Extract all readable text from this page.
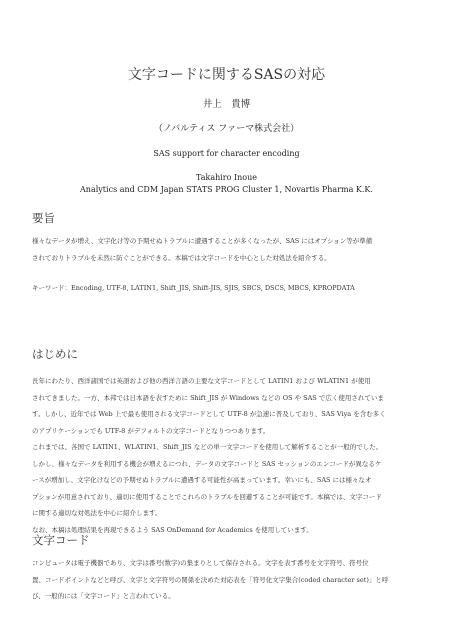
文字コードに関するSASの対応
井上　貴博
（ノバルティス ファーマ株式会社）
SAS support for character encoding
Takahiro Inoue
Analytics and CDM Japan STATS PROG Cluster 1, Novartis Pharma K.K.
要旨
様々なデータが増え、文字化け等の予期せぬトラブルに遭遇することが多くなったが、SAS にはオプション等が準備
されておりトラブルを未然に防ぐことができる。本稿では文字コードを中心とした対処法を紹介する。
キーワード：Encoding, UTF-8, LATIN1, Shift_JIS, Shift-JIS, SJIS, SBCS, DSCS, MBCS, KPROPDATA
はじめに
長年にわたり、西洋諸国では英語および他の西洋言語の主要な文字コードとして LATIN1 および WLATIN1 が使用
されてきました。一方、本邦では日本語を表すために Shift_JIS が Windows などの OS や SAS で広く使用されていま
す。しかし、近年では Web 上で最も使用される文字コードとして UTF-8 が急速に普及しており、SAS Viya を含む多く
のアプリケーションでも UTF-8 がデフォルトの文字コードとなりつつあります。
これまでは、各国で LATIN1、WLATIN1、Shift_JIS などの単一文字コードを使用して解析することが一般的でした。
しかし、様々なデータを利用する機会が増えるにつれ、データの文字コードと SAS セッションのエンコードが異なるケ
ースが増加し、文字化けなどの予期せぬトラブルに遭遇する可能性が高まっています。幸いにも、SAS には様々なオ
プションが用意されており、適切に使用することでこれらのトラブルを回避することが可能です。本稿では、文字コード
に関する適切な対処法を中心に紹介します。
なお、本稿は処理結果を再現できるよう SAS OnDemand for Academics を使用しています。
文字コード
コンピュータは電子機器であり、文字は番号(数字)の集まりとして保存される。文字を表す番号を文字符号、符号位
置、コードポイントなどと呼び、文字と文字符号の関係を決めた対応表を「符号化文字集合(coded character set)」と呼
び、一般的には「文字コード」と言われている。
